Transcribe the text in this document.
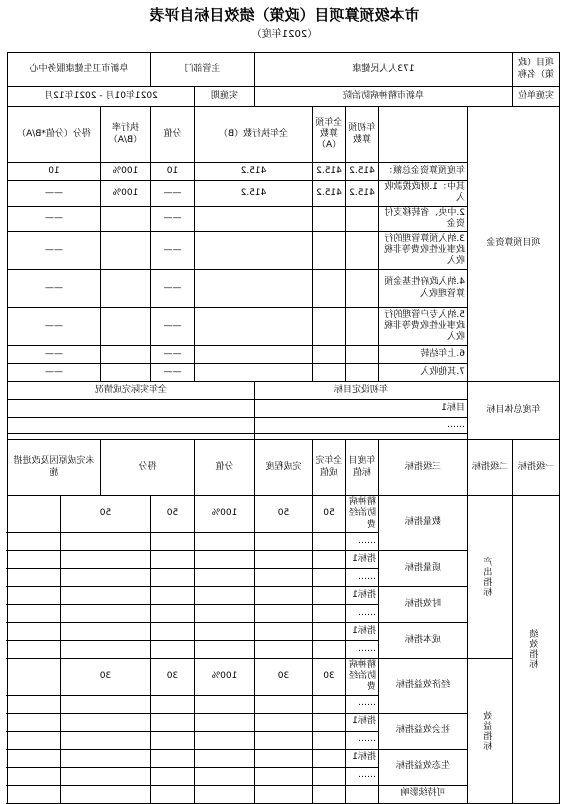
市本级预算项目（政策）绩效目标自评表
（2021年度）
项目（政策）名称	173人人民健康					主管部门		阜新市卫生健康服务中心		
实施单位	阜新市精神病防治院					实施期	2021年01月 - 2021年12月			
项目预算资金			年初预算数	全年预算数（A）	全年执行数（B）		分值	执行率（B/A）	得分（分值*B/A）	
		年度预算资金总额：	415.2	415.2	415.2		10	100%	10	
		其中：1.财政拨款收入	415.2	415.2	415.2		——	100%	——	
		2.中央、省转移支付资金					——		——	
		3.纳入预算管理的行政事业性收费等非税收入					——		——	
		4.纳入政府性基金预算管理收入					——		——	
		5.纳入专户管理的行政事业性收费等非税收入					——		——	
		6.上年结转					——		——	
		7.其他收入					——		——	
年度总体目标		年初设定目标				全年实际完成情况				
		目标1								
		……								

一级指标	二级指标	三级指标	年度目标值	全年完成值	完成程度	分值	得分		未完成原因及改进措施	
绩效指标	产出指标	数量指标	精神病防治经费	50	50	100%	50	50		
			……							
		质量指标	指标1							
			……							
		时效指标	指标1							
			……							
		成本指标	指标1							
			……							
	效益指标	经济效益指标	精神病防治经费	30	30	100%	30	30		
			……							
		社会效益指标	指标1							
			……							
		生态效益指标	指标1							
			……							
		可持续影响								
